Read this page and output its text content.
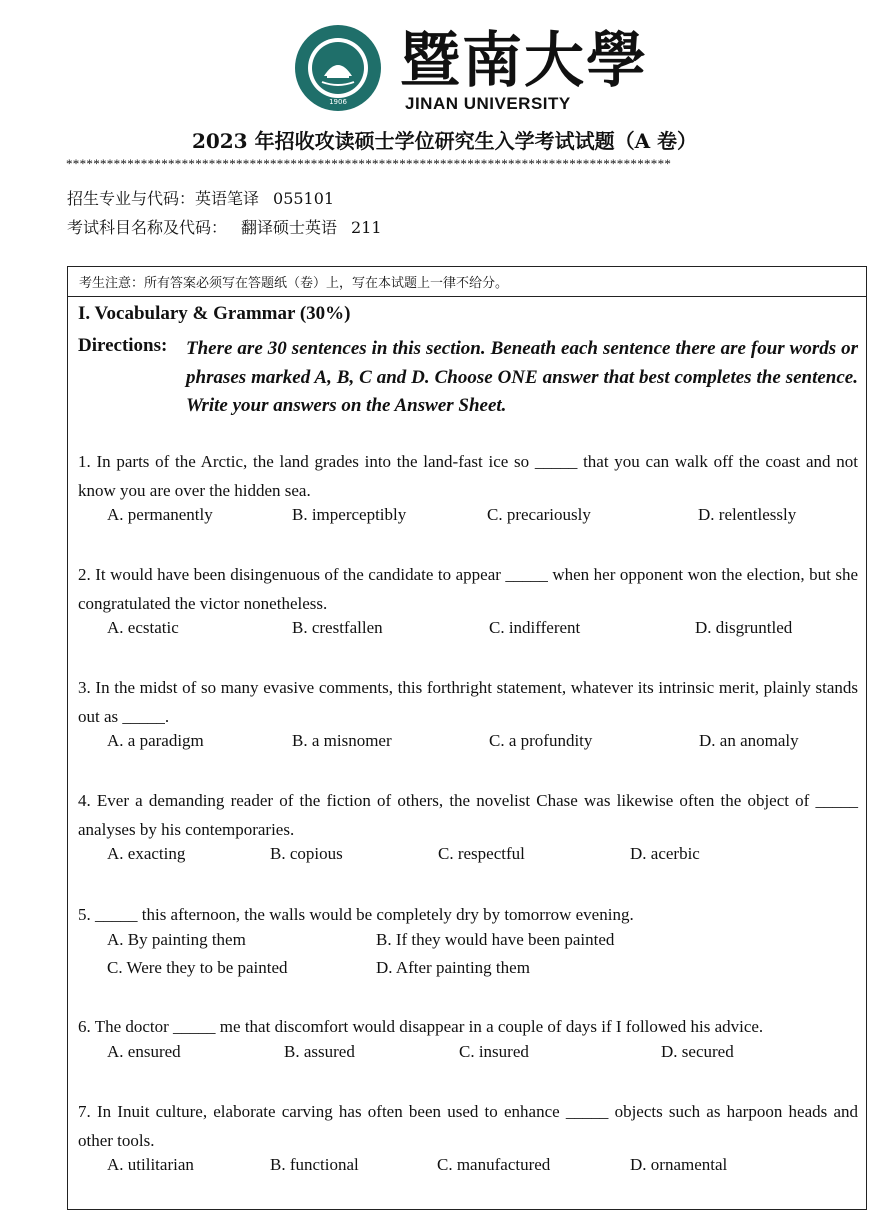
1906
暨南大學
JINAN UNIVERSITY
2023 年招收攻读硕士学位研究生入学考试试题（A 卷）
*****************************************************************************************
招生专业与代码：英语笔译 055101
考试科目名称及代码： 翻译硕士英语 211
考生注意：所有答案必须写在答题纸（卷）上，写在本试题上一律不给分。
I. Vocabulary & Grammar (30%)
Directions: There are 30 sentences in this section. Beneath each sentence there are four words or phrases marked A, B, C and D. Choose ONE answer that best completes the sentence. Write your answers on the Answer Sheet.
1. In parts of the Arctic, the land grades into the land-fast ice so _____ that you can walk off the coast and not know you are over the hidden sea.
A. permanently	B. imperceptibly	C. precariously	D. relentlessly
2. It would have been disingenuous of the candidate to appear _____ when her opponent won the election, but she congratulated the victor nonetheless.
A. ecstatic	B. crestfallen	C. indifferent	D. disgruntled
3. In the midst of so many evasive comments, this forthright statement, whatever its intrinsic merit, plainly stands out as _____.
A. a paradigm	B. a misnomer	C. a profundity	D. an anomaly
4. Ever a demanding reader of the fiction of others, the novelist Chase was likewise often the object of _____ analyses by his contemporaries.
A. exacting	B. copious	C. respectful	D. acerbic
5. _____ this afternoon, the walls would be completely dry by tomorrow evening.
A. By painting them	B. If they would have been painted
C. Were they to be painted	D. After painting them
6. The doctor _____ me that discomfort would disappear in a couple of days if I followed his advice.
A. ensured	B. assured	C. insured	D. secured
7. In Inuit culture, elaborate carving has often been used to enhance _____ objects such as harpoon heads and other tools.
A. utilitarian	B. functional	C. manufactured	D. ornamental
